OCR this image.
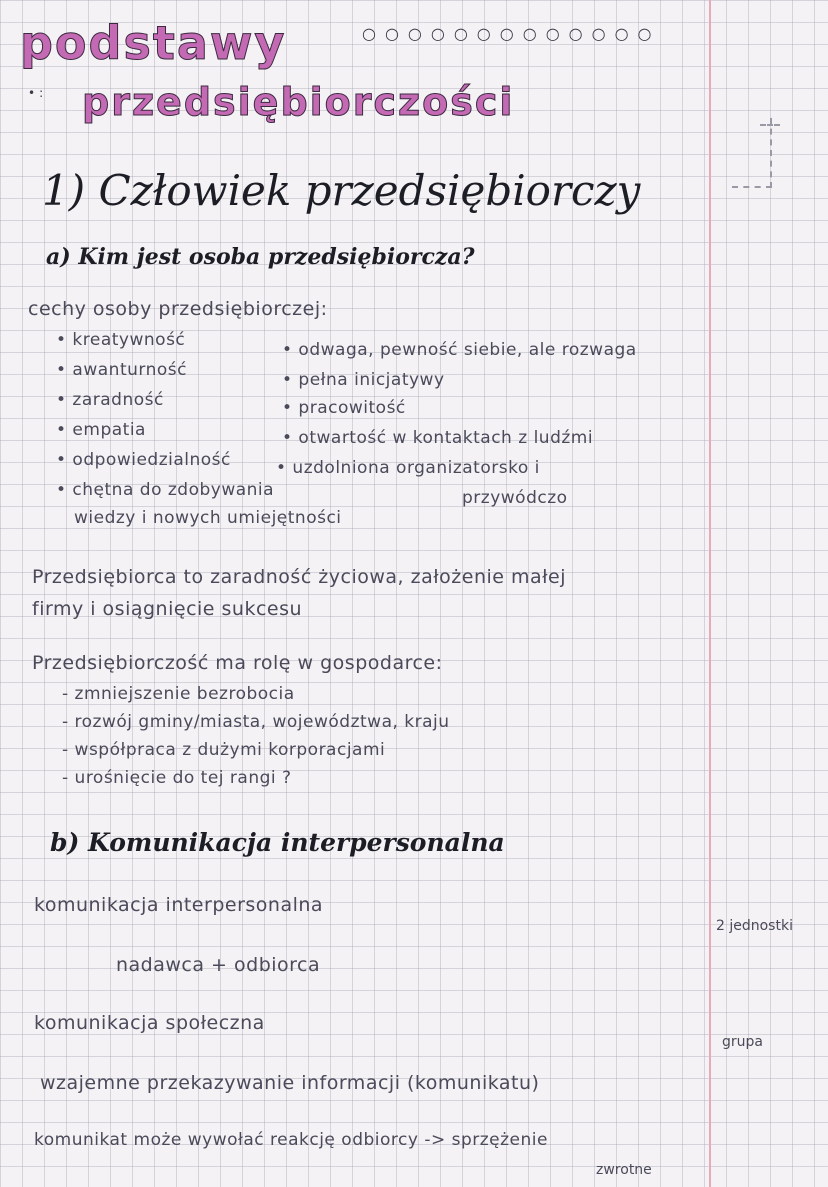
podstawy	○○○○○○○○○○○○○
•: przedsiębiorczości
1) Człowiek przedsiębiorczy
a) Kim jest osoba przedsiębiorcza?
cechy osoby przedsiębiorczej:
• kreatywność
• awanturność
• zaradność
• empatia
• odpowiedzialność
• chętna do zdobywania
wiedzy i nowych umiejętności
• odwaga, pewność siebie, ale rozwaga
• pełna inicjatywy
• pracowitość
• otwartość w kontaktach z ludźmi
• uzdolniona organizatorsko i
przywódczo
Przedsiębiorca to zaradność życiowa, założenie małej
firmy i osiągnięcie sukcesu
Przedsiębiorczość ma rolę w gospodarce:
- zmniejszenie bezrobocia
- rozwój gminy/miasta, województwa, kraju
- współpraca z dużymi korporacjami
- urośnięcie do tej rangi ?
b) Komunikacja interpersonalna
komunikacja interpersonalna
nadawca + odbiorca
komunikacja społeczna
wzajemne przekazywanie informacji (komunikatu)
komunikat może wywołać reakcję odbiorcy -> sprzężenie
zwrotne
2 jednostki
grupa
